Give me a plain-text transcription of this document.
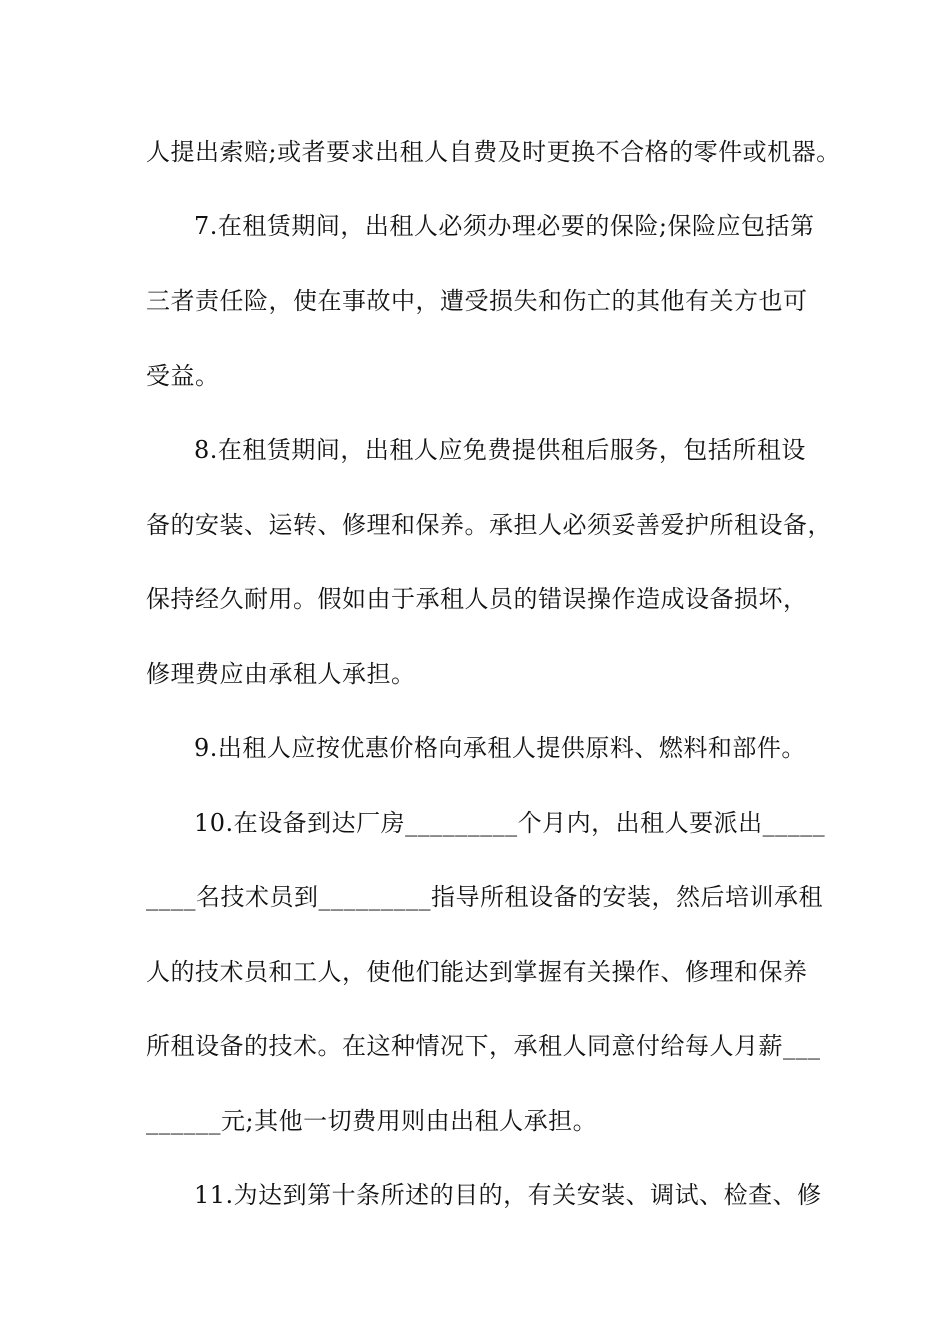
人提出索赔;或者要求出租人自费及时更换不合格的零件或机器。
7.在租赁期间，出租人必须办理必要的保险;保险应包括第
三者责任险，使在事故中，遭受损失和伤亡的其他有关方也可
受益。
8.在租赁期间，出租人应免费提供租后服务，包括所租设
备的安装、运转、修理和保养。承担人必须妥善爱护所租设备，
保持经久耐用。假如由于承租人员的错误操作造成设备损坏，
修理费应由承租人承担。
9.出租人应按优惠价格向承租人提供原料、燃料和部件。
10.在设备到达厂房_________个月内，出租人要派出_____
____名技术员到_________指导所租设备的安装，然后培训承租
人的技术员和工人，使他们能达到掌握有关操作、修理和保养
所租设备的技术。在这种情况下，承租人同意付给每人月薪___
______元;其他一切费用则由出租人承担。
11.为达到第十条所述的目的，有关安装、调试、检查、修
